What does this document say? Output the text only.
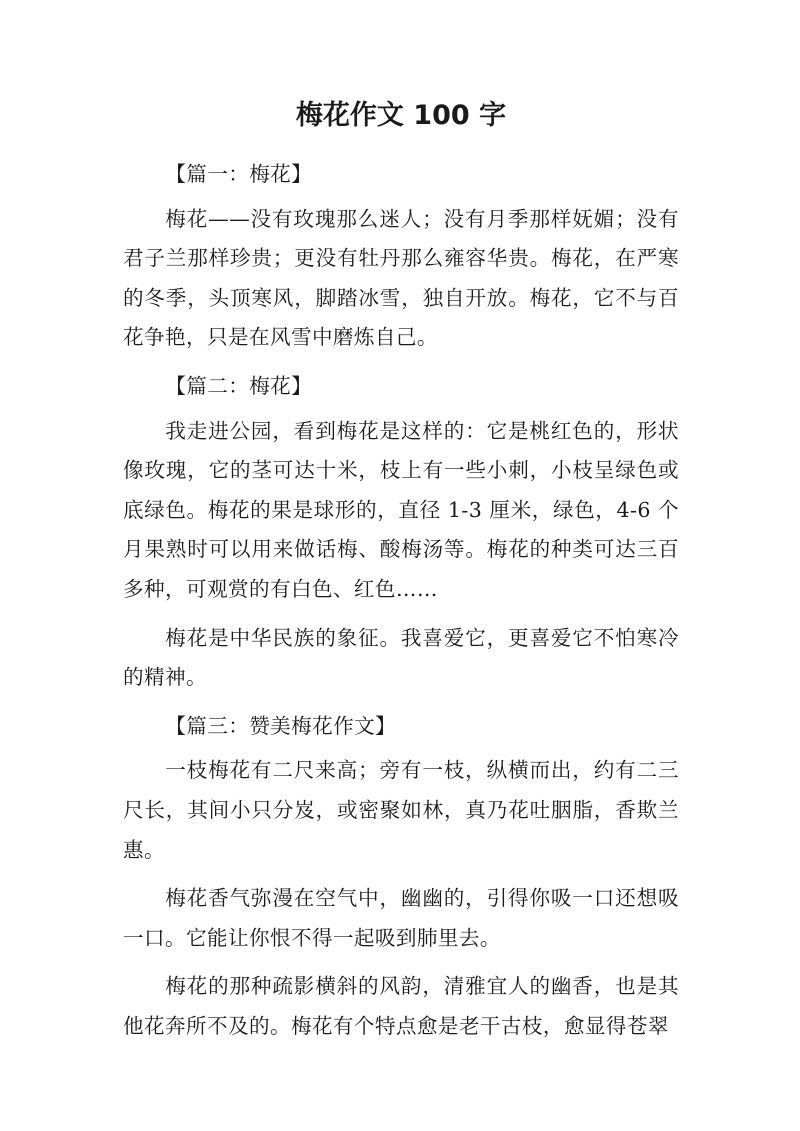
梅花作文 100 字

【篇一：梅花】

梅花——没有玫瑰那么迷人；没有月季那样妩媚；没有君子兰那样珍贵；更没有牡丹那么雍容华贵。梅花，在严寒的冬季，头顶寒风，脚踏冰雪，独自开放。梅花，它不与百花争艳，只是在风雪中磨炼自己。

【篇二：梅花】

我走进公园，看到梅花是这样的：它是桃红色的，形状像玫瑰，它的茎可达十米，枝上有一些小刺，小枝呈绿色或底绿色。梅花的果是球形的，直径 1-3 厘米，绿色，4-6 个月果熟时可以用来做话梅、酸梅汤等。梅花的种类可达三百多种，可观赏的有白色、红色……

梅花是中华民族的象征。我喜爱它，更喜爱它不怕寒冷的精神。

【篇三：赞美梅花作文】

一枝梅花有二尺来高；旁有一枝，纵横而出，约有二三尺长，其间小只分岌，或密聚如林，真乃花吐胭脂，香欺兰惠。

梅花香气弥漫在空气中，幽幽的，引得你吸一口还想吸一口。它能让你恨不得一起吸到肺里去。

梅花的那种疏影横斜的风韵，清雅宜人的幽香，也是其他花奔所不及的。梅花有个特点愈是老干古枝，愈显得苍翠
